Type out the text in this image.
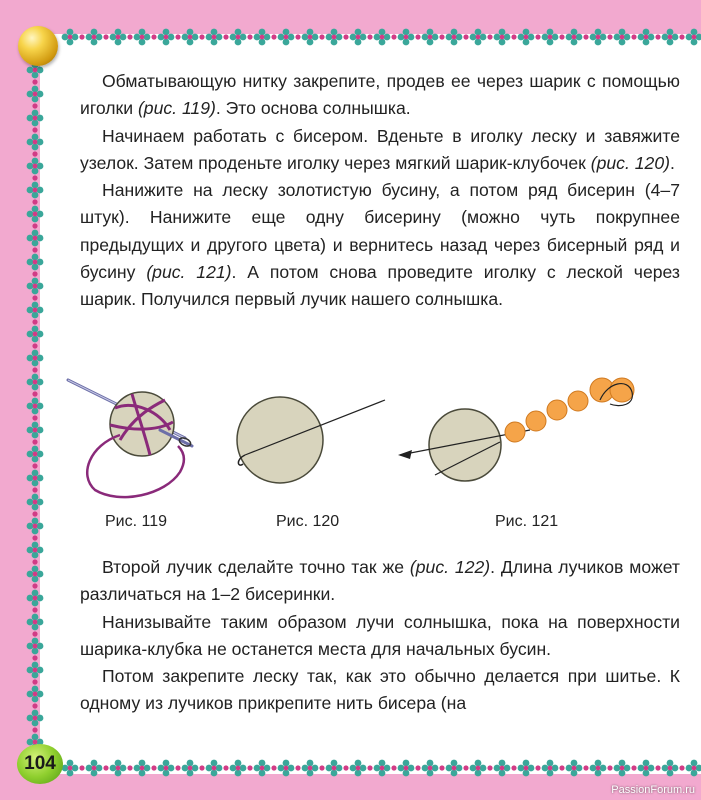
Обматывающую нитку закрепите, продев ее через шарик с помощью иголки (рис. 119). Это основа солнышка.

Начинаем работать с бисером. Вденьте в иголку леску и завяжите узелок. Затем проденьте иголку через мягкий шарик-клубочек (рис. 120).

Нанижите на леску золотистую бусину, а потом ряд бисерин (4–7 штук). Нанижите еще одну бисерину (можно чуть покрупнее предыдущих и другого цвета) и вернитесь назад через бисерный ряд и бусину (рис. 121). А потом снова проведите иголку с леской через шарик. Получился первый лучик нашего солнышка.

Рис. 119	Рис. 120	Рис. 121

Второй лучик сделайте точно так же (рис. 122). Длина лучиков может различаться на 1–2 бисеринки.

Нанизывайте таким образом лучи солнышка, пока на поверхности шарика-клубка не останется места для начальных бусин.

Потом закрепите леску так, как это обычно делается при шитье. К одному из лучиков прикрепите нить бисера (на

104
PassionForum.ru
